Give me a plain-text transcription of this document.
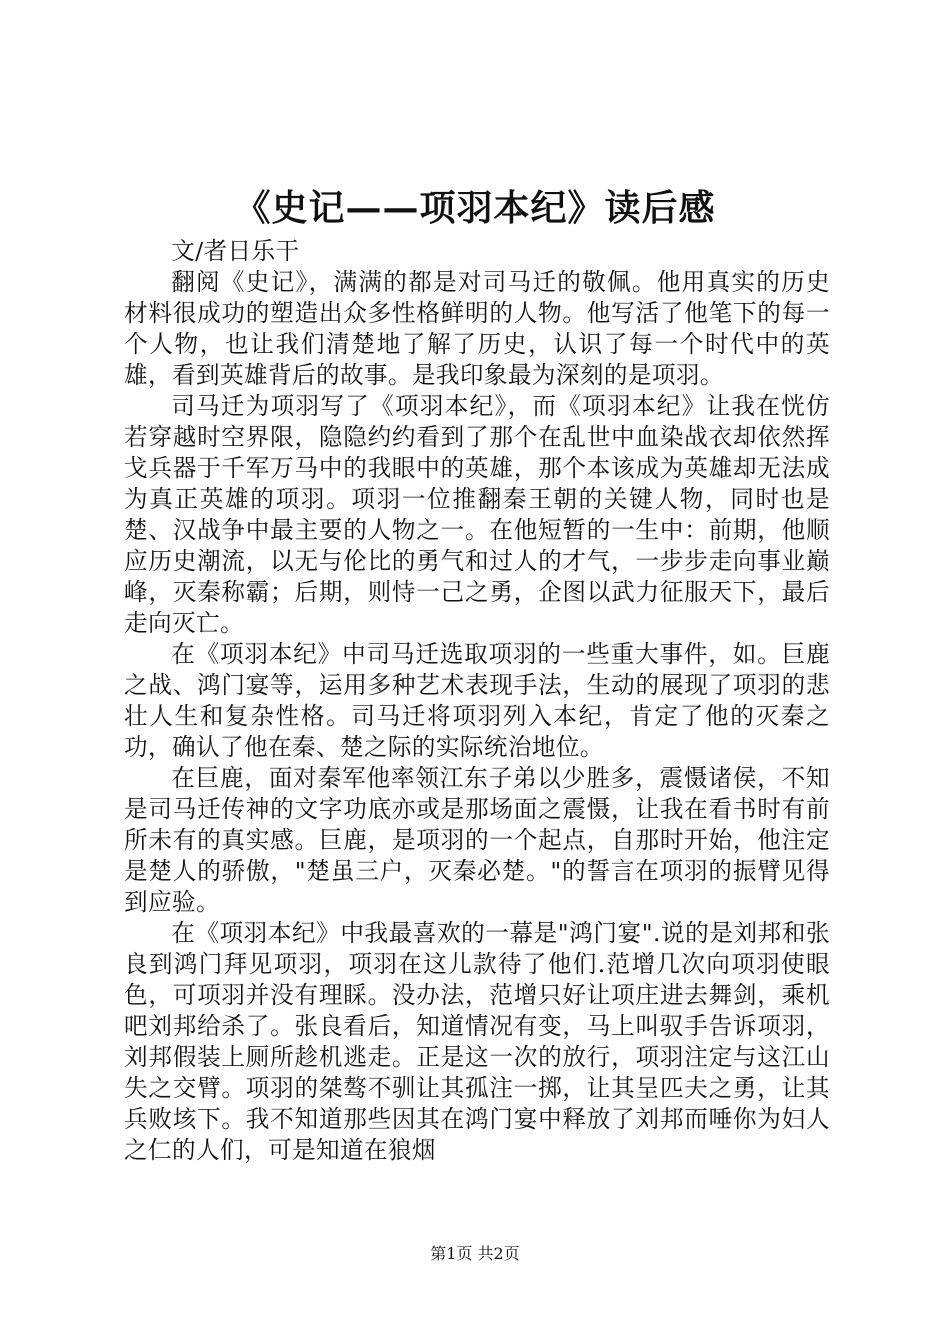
《史记——项羽本纪》读后感

文/者日乐干

翻阅《史记》，满满的都是对司马迁的敬佩。他用真实的历史材料很成功的塑造出众多性格鲜明的人物。他写活了他笔下的每一个人物，也让我们清楚地了解了历史，认识了每一个时代中的英雄，看到英雄背后的故事。是我印象最为深刻的是项羽。

司马迁为项羽写了《项羽本纪》，而《项羽本纪》让我在恍仿若穿越时空界限，隐隐约约看到了那个在乱世中血染战衣却依然挥戈兵器于千军万马中的我眼中的英雄，那个本该成为英雄却无法成为真正英雄的项羽。项羽一位推翻秦王朝的关键人物，同时也是楚、汉战争中最主要的人物之一。在他短暂的一生中：前期，他顺应历史潮流，以无与伦比的勇气和过人的才气，一步步走向事业巅峰，灭秦称霸；后期，则恃一己之勇，企图以武力征服天下，最后走向灭亡。

在《项羽本纪》中司马迁选取项羽的一些重大事件，如。巨鹿之战、鸿门宴等，运用多种艺术表现手法，生动的展现了项羽的悲壮人生和复杂性格。司马迁将项羽列入本纪，肯定了他的灭秦之功，确认了他在秦、楚之际的实际统治地位。

在巨鹿，面对秦军他率领江东子弟以少胜多，震慑诸侯，不知是司马迁传神的文字功底亦或是那场面之震慑，让我在看书时有前所未有的真实感。巨鹿，是项羽的一个起点，自那时开始，他注定是楚人的骄傲，"楚虽三户，灭秦必楚。"的誓言在项羽的振臂见得到应验。

在《项羽本纪》中我最喜欢的一幕是"鸿门宴".说的是刘邦和张良到鸿门拜见项羽，项羽在这儿款待了他们.范增几次向项羽使眼色，可项羽并没有理睬。没办法，范增只好让项庄进去舞剑，乘机吧刘邦给杀了。张良看后，知道情况有变，马上叫驭手告诉项羽，刘邦假装上厕所趁机逃走。正是这一次的放行，项羽注定与这江山失之交臂。项羽的桀骜不驯让其孤注一掷，让其呈匹夫之勇，让其兵败垓下。我不知道那些因其在鸿门宴中释放了刘邦而唾你为妇人之仁的人们，可是知道在狼烟

第1页 共2页
